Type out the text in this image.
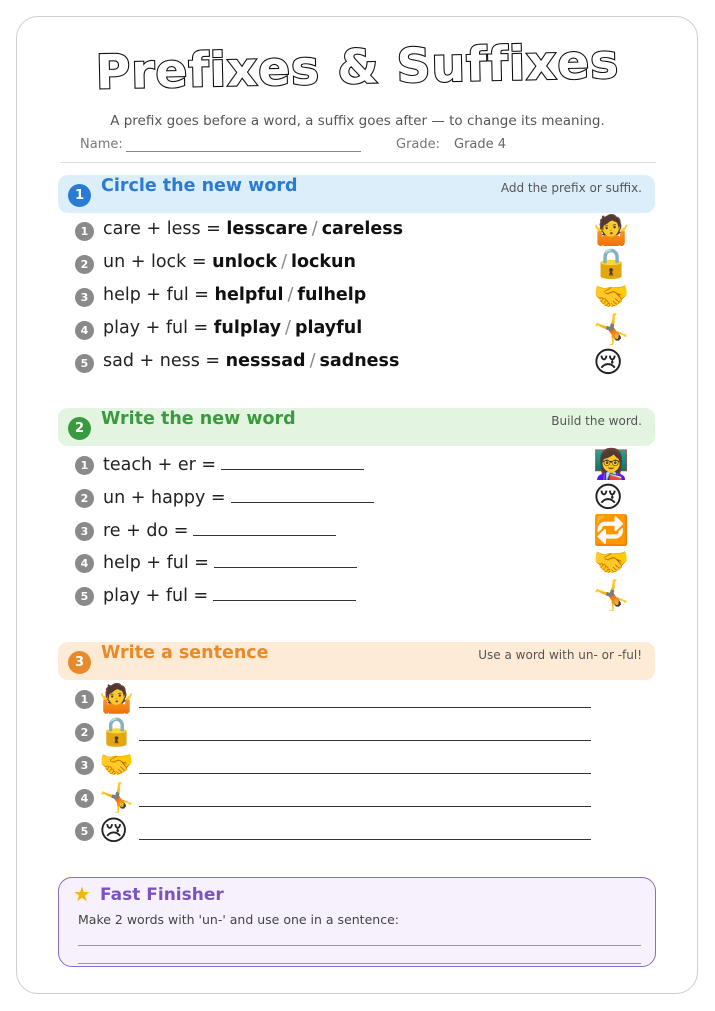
Prefixes & Suffixes
A prefix goes before a word, a suffix goes after — to change its meaning.
Name:	Grade: Grade 4
1 Circle the new word	Add the prefix or suffix.
1 care + less = lesscare / careless	🤷
2 un + lock = unlock / lockun	🔒
3 help + ful = helpful / fulhelp	🤝
4 play + ful = fulplay / playful	🤸
5 sad + ness = nesssad / sadness	😢
2 Write the new word	Build the word.
1 teach + er =	👩‍🏫
2 un + happy =	😢
3 re + do =	🔁
4 help + ful =	🤝
5 play + ful =	🤸
3 Write a sentence	Use a word with un- or -ful!
1 🤷
2 🔒
3 🤝
4 🤸
5 😢
★ Fast Finisher
Make 2 words with 'un-' and use one in a sentence:
